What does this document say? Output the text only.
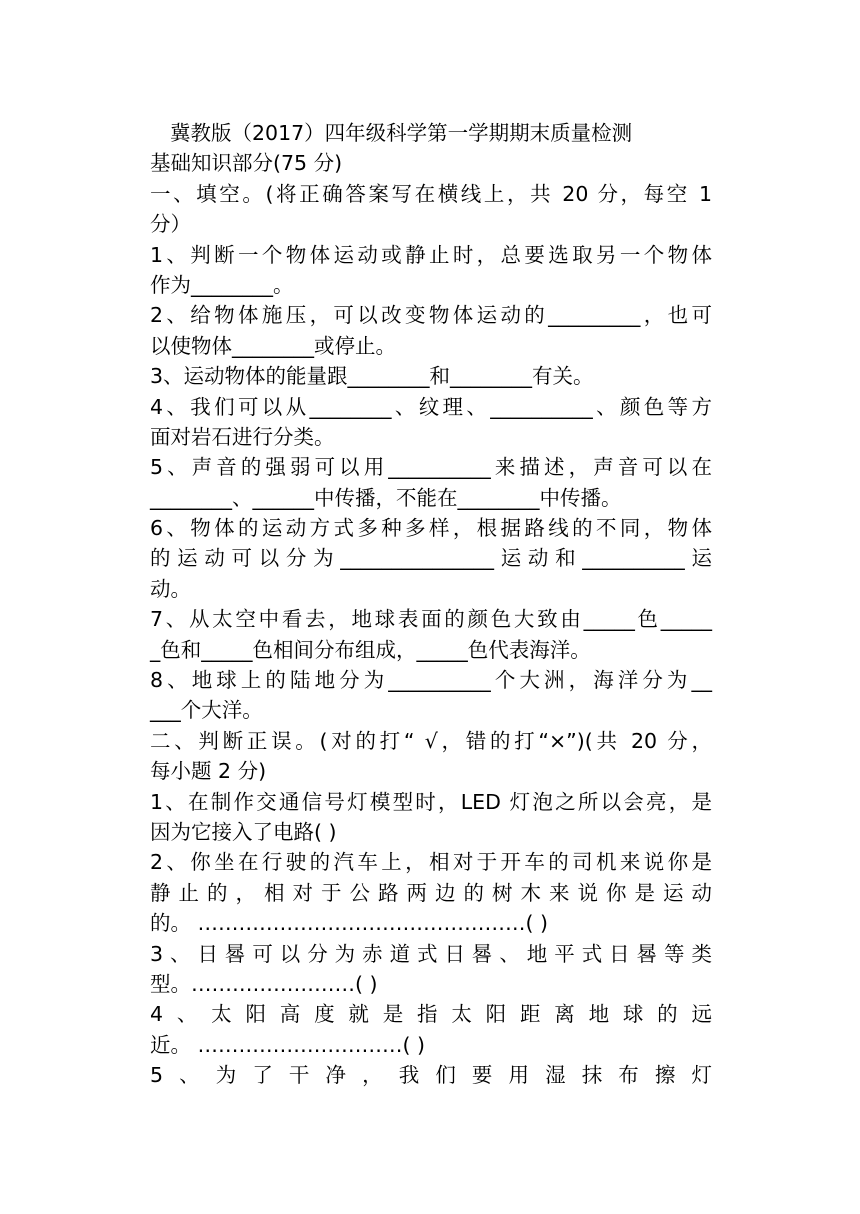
冀教版（2017）四年级科学第一学期期末质量检测
基础知识部分(75 分)
一、填空。(将正确答案写在横线上，共 20 分，每空 1
分）
1、判断一个物体运动或静止时，总要选取另一个物体
作为________。
2、给物体施压，可以改变物体运动的_________，也可
以使物体________或停止。
3、运动物体的能量跟________和________有关。
4、我们可以从________、纹理、__________、颜色等方
面对岩石进行分类。
5、声音的强弱可以用__________来描述，声音可以在
________、______中传播，不能在________中传播。
6、物体的运动方式多种多样，根据路线的不同，物体
的运动可以分为_______________运动和__________运
动。
7、从太空中看去，地球表面的颜色大致由_____色_____
_色和_____色相间分布组成，_____色代表海洋。
8、地球上的陆地分为__________个大洲，海洋分为__
___个大洋。
二、判断正误。(对的打“ √，错的打“×”)(共 20 分，
每小题 2 分)
1、在制作交通信号灯模型时，LED 灯泡之所以会亮，是
因为它接入了电路( )
2、你坐在行驶的汽车上，相对于开车的司机来说你是
静止的，相对于公路两边的树木来说你是运动
的。 …………………………………………( )
3、日晷可以分为赤道式日晷、地平式日晷等类
型。……………………( )
4、太阳高度就是指太阳距离地球的远
近。 …………………………( )
5、为了干净，我们要用湿抹布擦灯
